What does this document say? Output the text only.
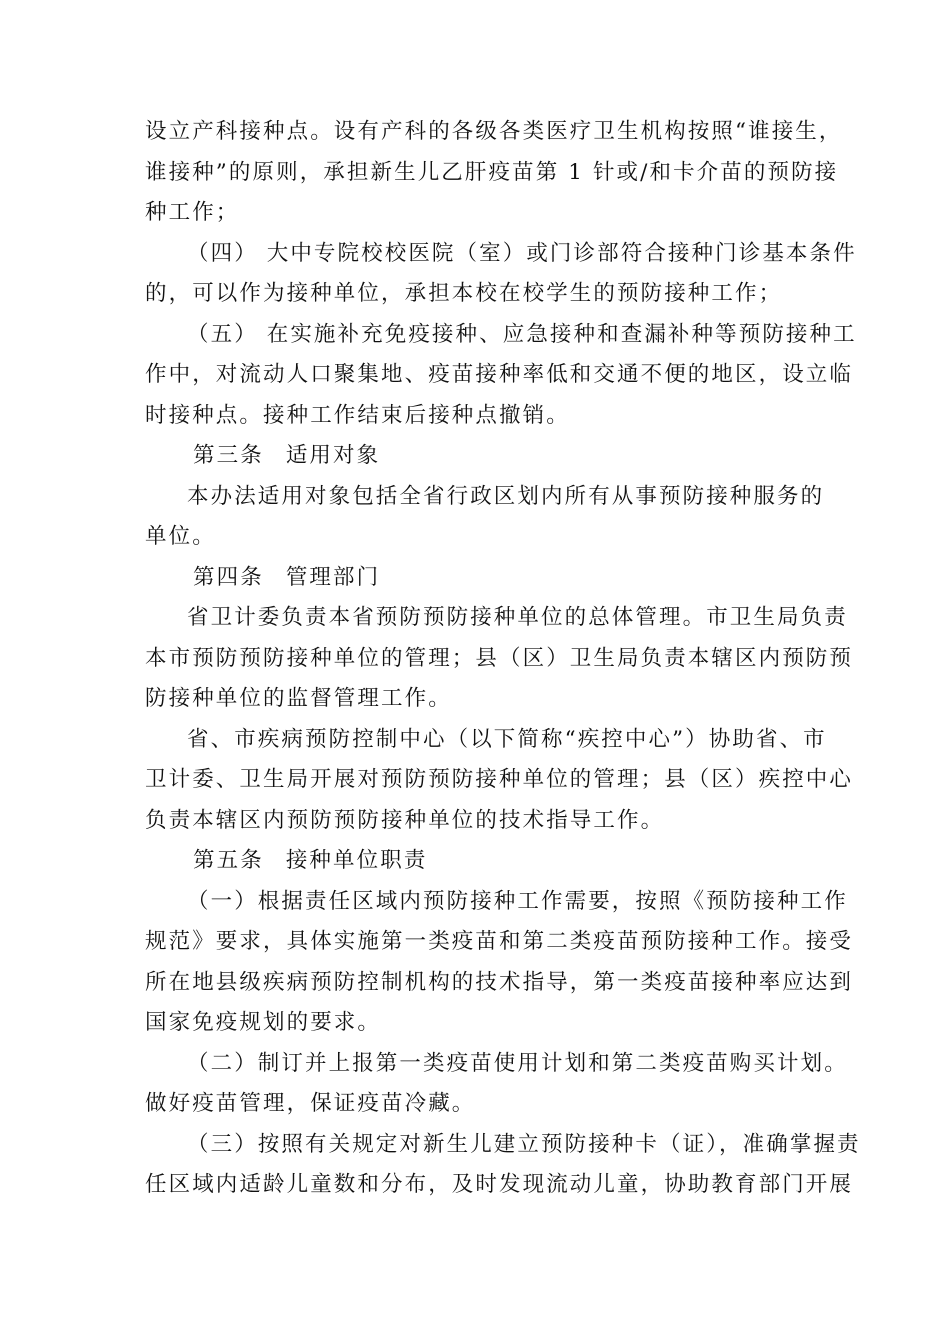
设立产科接种点。设有产科的各级各类医疗卫生机构按照“谁接生，
谁接种”的原则，承担新生儿乙肝疫苗第 1 针或/和卡介苗的预防接
种工作；
（四） 大中专院校校医院（室）或门诊部符合接种门诊基本条件
的，可以作为接种单位，承担本校在校学生的预防接种工作；
（五） 在实施补充免疫接种、应急接种和查漏补种等预防接种工
作中，对流动人口聚集地、疫苗接种率低和交通不便的地区，设立临
时接种点。接种工作结束后接种点撤销。
第三条 适用对象
本办法适用对象包括全省行政区划内所有从事预防接种服务的
单位。
第四条 管理部门
省卫计委负责本省预防预防接种单位的总体管理。市卫生局负责
本市预防预防接种单位的管理；县（区）卫生局负责本辖区内预防预
防接种单位的监督管理工作。
省、市疾病预防控制中心（以下简称“疾控中心”）协助省、市
卫计委、卫生局开展对预防预防接种单位的管理；县（区）疾控中心
负责本辖区内预防预防接种单位的技术指导工作。
第五条 接种单位职责
（一）根据责任区域内预防接种工作需要，按照《预防接种工作
规范》要求，具体实施第一类疫苗和第二类疫苗预防接种工作。接受
所在地县级疾病预防控制机构的技术指导，第一类疫苗接种率应达到
国家免疫规划的要求。
（二）制订并上报第一类疫苗使用计划和第二类疫苗购买计划。
做好疫苗管理，保证疫苗冷藏。
（三）按照有关规定对新生儿建立预防接种卡（证），准确掌握责
任区域内适龄儿童数和分布，及时发现流动儿童，协助教育部门开展
